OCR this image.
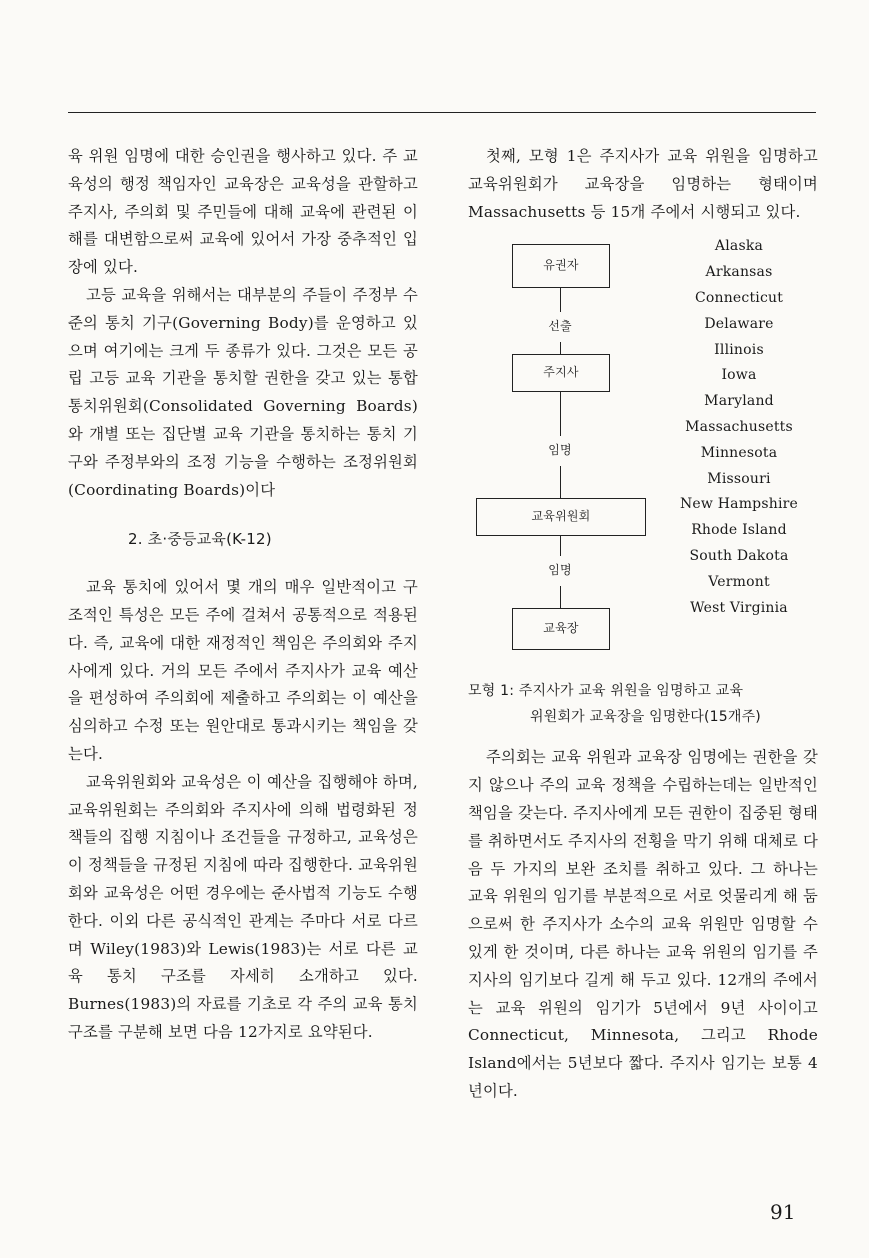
육 위원 임명에 대한 승인권을 행사하고 있다. 주 교육성의 행정 책임자인 교육장은 교육성을 관할하고 주지사, 주의회 및 주민들에 대해 교육에 관련된 이해를 대변함으로써 교육에 있어서 가장 중추적인 입장에 있다.

고등 교육을 위해서는 대부분의 주들이 주정부 수준의 통치 기구(Governing Body)를 운영하고 있으며 여기에는 크게 두 종류가 있다. 그것은 모든 공립 고등 교육 기관을 통치할 권한을 갖고 있는 통합 통치위원회(Consolidated Governing Boards)와 개별 또는 집단별 교육 기관을 통치하는 통치 기구와 주정부와의 조정 기능을 수행하는 조정위원회(Coordinating Boards)이다

2. 초·중등교육(K-12)

교육 통치에 있어서 몇 개의 매우 일반적이고 구조적인 특성은 모든 주에 걸쳐서 공통적으로 적용된다. 즉, 교육에 대한 재정적인 책임은 주의회와 주지사에게 있다. 거의 모든 주에서 주지사가 교육 예산을 편성하여 주의회에 제출하고 주의회는 이 예산을 심의하고 수정 또는 원안대로 통과시키는 책임을 갖는다.

교육위원회와 교육성은 이 예산을 집행해야 하며, 교육위원회는 주의회와 주지사에 의해 법령화된 정책들의 집행 지침이나 조건들을 규정하고, 교육성은 이 정책들을 규정된 지침에 따라 집행한다. 교육위원회와 교육성은 어떤 경우에는 준사법적 기능도 수행한다. 이외 다른 공식적인 관계는 주마다 서로 다르며 Wiley(1983)와 Lewis(1983)는 서로 다른 교육 통치 구조를 자세히 소개하고 있다. Burnes(1983)의 자료를 기초로 각 주의 교육 통치 구조를 구분해 보면 다음 12가지로 요약된다.

첫째, 모형 1은 주지사가 교육 위원을 임명하고 교육위원회가 교육장을 임명하는 형태이며 Massachusetts 등 15개 주에서 시행되고 있다.

유권자
주지사
교육위원회
교육장
선출
임명
임명
Alaska
Arkansas
Connecticut
Delaware
Illinois
Iowa
Maryland
Massachusetts
Minnesota
Missouri
New Hampshire
Rhode Island
South Dakota
Vermont
West Virginia
모형 1: 주지사가 교육 위원을 임명하고 교육
위원회가 교육장을 임명한다(15개주)

주의회는 교육 위원과 교육장 임명에는 권한을 갖지 않으나 주의 교육 정책을 수립하는데는 일반적인 책임을 갖는다. 주지사에게 모든 권한이 집중된 형태를 취하면서도 주지사의 전횡을 막기 위해 대체로 다음 두 가지의 보완 조치를 취하고 있다. 그 하나는 교육 위원의 임기를 부분적으로 서로 엇물리게 해 둠으로써 한 주지사가 소수의 교육 위원만 임명할 수 있게 한 것이며, 다른 하나는 교육 위원의 임기를 주지사의 임기보다 길게 해 두고 있다. 12개의 주에서는 교육 위원의 임기가 5년에서 9년 사이이고 Connecticut, Minnesota, 그리고 Rhode Island에서는 5년보다 짧다. 주지사 임기는 보통 4년이다.

91
